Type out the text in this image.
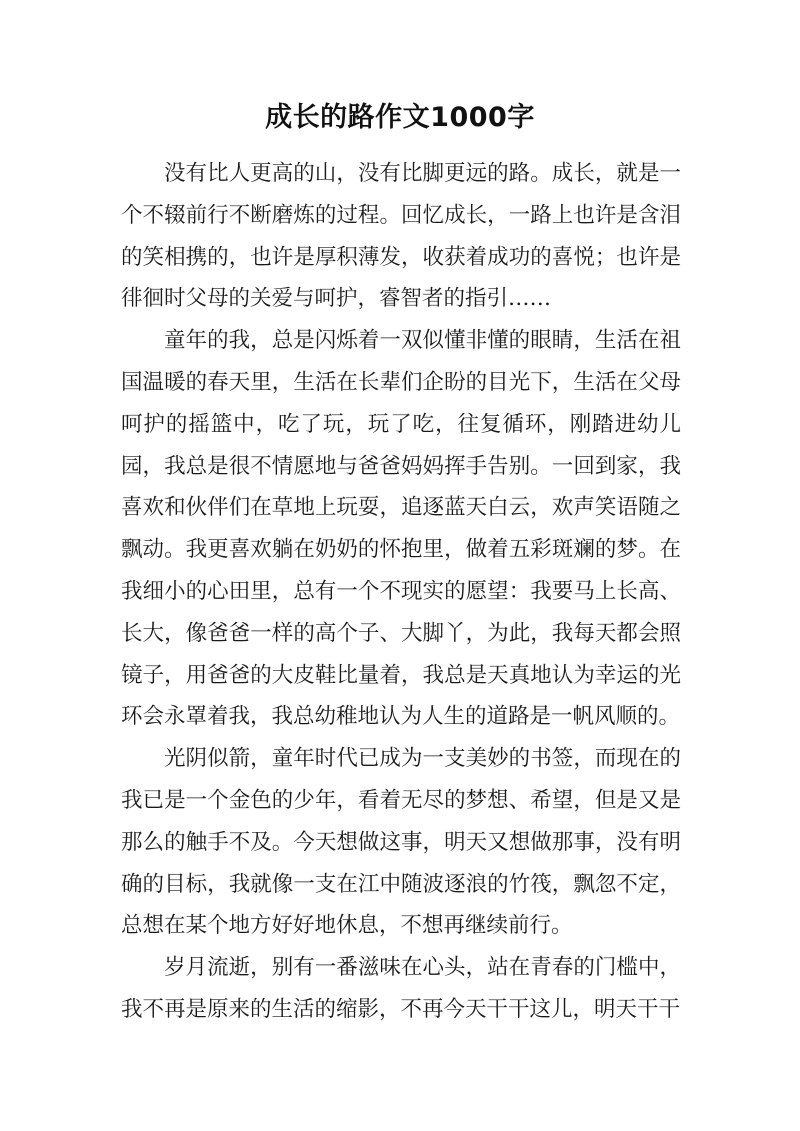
成长的路作文1000字

没有比人更高的山，没有比脚更远的路。成长，就是一个不辍前行不断磨炼的过程。回忆成长，一路上也许是含泪的笑相携的，也许是厚积薄发，收获着成功的喜悦；也许是徘徊时父母的关爱与呵护，睿智者的指引……

童年的我，总是闪烁着一双似懂非懂的眼睛，生活在祖国温暖的春天里，生活在长辈们企盼的目光下，生活在父母呵护的摇篮中，吃了玩，玩了吃，往复循环，刚踏进幼儿园，我总是很不情愿地与爸爸妈妈挥手告别。一回到家，我喜欢和伙伴们在草地上玩耍，追逐蓝天白云，欢声笑语随之飘动。我更喜欢躺在奶奶的怀抱里，做着五彩斑斓的梦。在我细小的心田里，总有一个不现实的愿望：我要马上长高、长大，像爸爸一样的高个子、大脚丫，为此，我每天都会照镜子，用爸爸的大皮鞋比量着，我总是天真地认为幸运的光环会永罩着我，我总幼稚地认为人生的道路是一帆风顺的。

光阴似箭，童年时代已成为一支美妙的书签，而现在的我已是一个金色的少年，看着无尽的梦想、希望，但是又是那么的触手不及。今天想做这事，明天又想做那事，没有明确的目标，我就像一支在江中随波逐浪的竹筏，飘忽不定，总想在某个地方好好地休息，不想再继续前行。

岁月流逝，别有一番滋味在心头，站在青春的门槛中，我不再是原来的生活的缩影，不再今天干干这儿，明天干干
